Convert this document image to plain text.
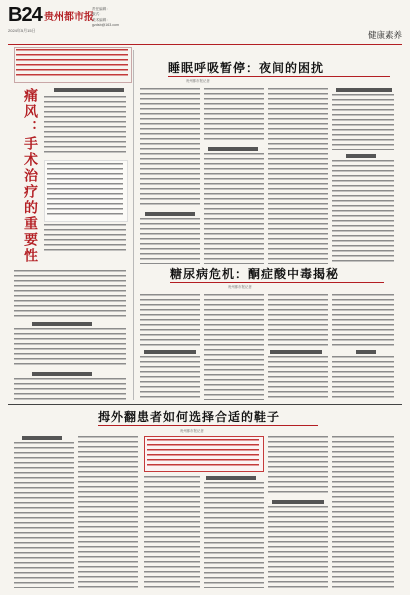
B24 贵州都市报
责任编辑：
版式：
美术编辑：
gzdsb@163.com
2024年5月15日	健康素养
痛风：手术治疗的重要性
睡眠呼吸暂停：夜间的困扰
贵州都市报记者
糖尿病危机：酮症酸中毒揭秘
贵州都市报记者
拇外翻患者如何选择合适的鞋子
贵州都市报记者
